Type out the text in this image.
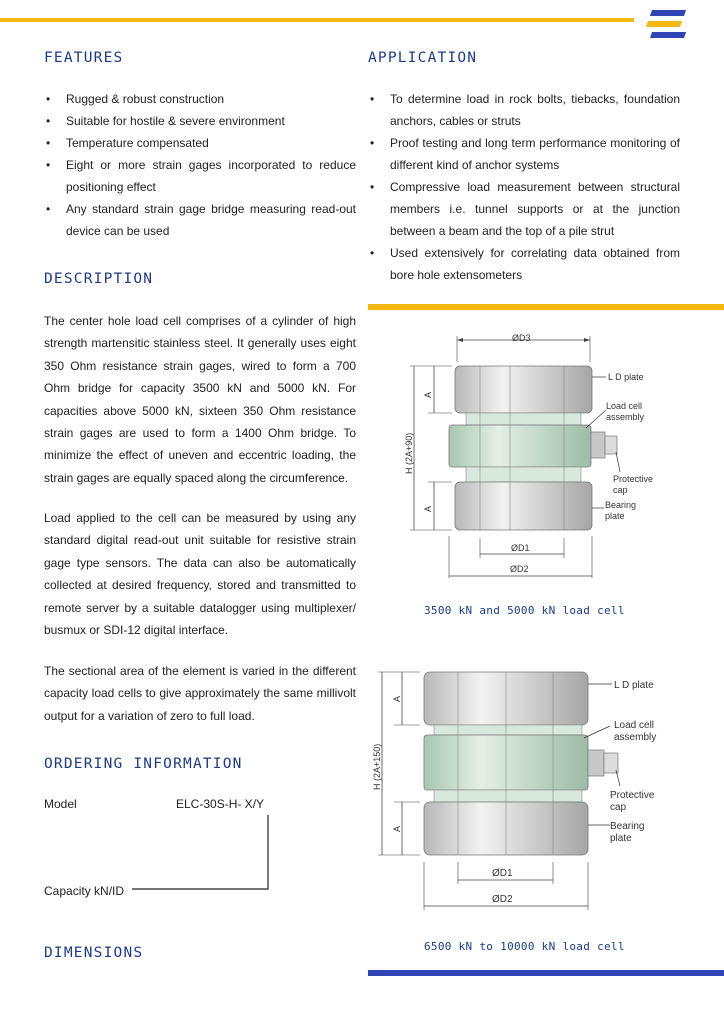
FEATURES
• Rugged & robust construction
• Suitable for hostile & severe environment
• Temperature compensated
• Eight or more strain gages incorporated to reduce positioning effect
• Any standard strain gage bridge measuring read-out device can be used
APPLICATION
• To determine load in rock bolts, tiebacks, foundation anchors, cables or struts
• Proof testing and long term performance monitoring of different kind of anchor systems
• Compressive load measurement between structural members i.e. tunnel supports or at the junction between a beam and the top of a pile strut
• Used extensively for correlating data obtained from bore hole extensometers
DESCRIPTION

The center hole load cell comprises of a cylinder of high strength martensitic stainless steel. It generally uses eight 350 Ohm resistance strain gages, wired to form a 700 Ohm bridge for capacity 3500 kN and 5000 kN. For capacities above 5000 kN, sixteen 350 Ohm resistance strain gages are used to form a 1400 Ohm bridge. To minimize the effect of uneven and eccentric loading, the strain gages are equally spaced along the circumference.

Load applied to the cell can be measured by using any standard digital read-out unit suitable for resistive strain gage type sensors. The data can also be automatically collected at desired frequency, stored and transmitted to remote server by a suitable datalogger using multiplexer/ busmux or SDI-12 digital interface.

The sectional area of the element is varied in the different capacity load cells to give approximately the same millivolt output for a variation of zero to full load.

ORDERING INFORMATION
Model	ELC-30S-H- X/Y
Capacity kN/ID
DIMENSIONS
ØD3
A
A
H (2A+90)
ØD1
ØD2
L D plate
Load cell
assembly
Protective
cap
Bearing
plate
3500 kN and 5000 kN load cell
A
A
H (2A+150)
ØD1
ØD2
L D plate
Load cell
assembly
Protective
cap
Bearing
plate
6500 kN to 10000 kN load cell
